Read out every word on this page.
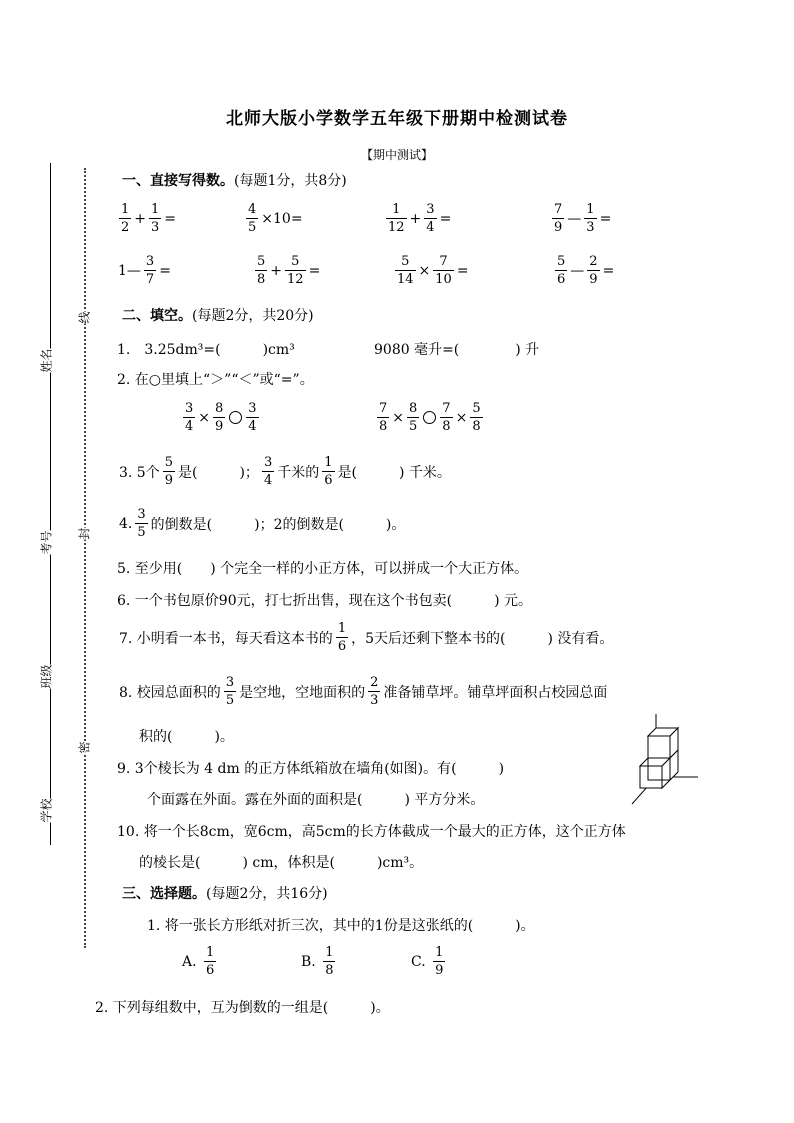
北师大版小学数学五年级下册期中检测试卷
【期中测试】
姓名
考号
班级
学校
线
封
密
一、直接写得数。(每题1分，共8分)
$\frac{1}{2} + \frac{1}{3}$ =	$\frac{4}{5} \times 10=$	$\frac{1}{12} + \frac{3}{4}$ =	$\frac{7}{9}$ — $\frac{1}{3}$ =
1— $\frac{3}{7}$ =	$\frac{5}{8} + \frac{5}{12}$ =	$\frac{5}{14} \times \frac{7}{10}$ =	$\frac{5}{6}$ — $\frac{2}{9}$ =
二、填空。(每题2分，共20分)
1.　3.25dm³=(　　　)cm³	9080 毫升=(　　　　) 升
2. 在○里填上“＞”“＜”或“=”。
$\frac{3}{4} \times \frac{8}{9} \frac{3}{4}$	$\frac{7}{8} \times \frac{8}{5} \frac{7}{8} \times \frac{5}{8}$
3. 5个 $\frac{5}{9}$ 是(　　　)； $\frac{3}{4}$ 千米的 $\frac{1}{6}$ 是(　　　) 千米。
4. $\frac{3}{5}$ 的倒数是(　　　)；2的倒数是(　　　)。
5. 至少用(　　) 个完全一样的小正方体，可以拼成一个大正方体。
6. 一个书包原价90元，打七折出售，现在这个书包卖(　　　) 元。
7. 小明看一本书，每天看这本书的 $\frac{1}{6}$ ，5天后还剩下整本书的(　　　) 没有看。
8. 校园总面积的 $\frac{3}{5}$ 是空地，空地面积的 $\frac{2}{3}$ 准备铺草坪。铺草坪面积占校园总面
积的(　　　)。
9. 3个棱长为 4 dm 的正方体纸箱放在墙角(如图)。有(　　　)
个面露在外面。露在外面的面积是(　　　) 平方分米。
10. 将一个长8cm，宽6cm，高5cm的长方体截成一个最大的正方体，这个正方体
的棱长是(　　　) cm，体积是(　　　)cm³。
三、选择题。(每题2分，共16分)
1. 将一张长方形纸对折三次，其中的1份是这张纸的(　　　)。
A. $\frac{1}{6}$	B. $\frac{1}{8}$	C. $\frac{1}{9}$
2. 下列每组数中，互为倒数的一组是(　　　)。
